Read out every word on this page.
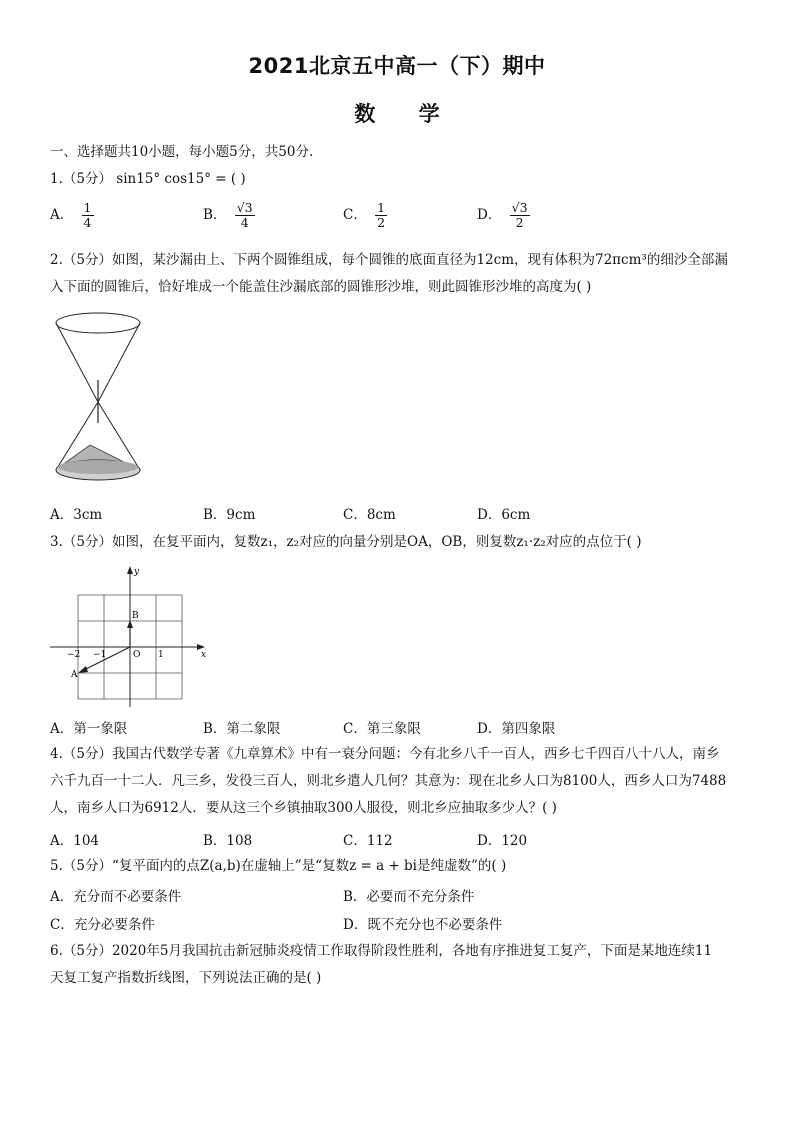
2021北京五中高一（下）期中
数 学
一、选择题共10小题，每小题5分，共50分.
1.（5分） sin15° cos15° = ( )
A． $\frac{1}{4}$	B． $\frac{√3}{4}$	C． $\frac{1}{2}$	D． $\frac{√3}{2}$
2.（5分）如图，某沙漏由上、下两个圆锥组成，每个圆锥的底面直径为12cm，现有体积为72πcm³的细沙全部漏
入下面的圆锥后，恰好堆成一个能盖住沙漏底部的圆锥形沙堆，则此圆锥形沙堆的高度为( )
A．3cm	B．9cm	C．8cm	D．6cm
3.（5分）如图，在复平面内，复数z₁，z₂对应的向量分别是OA，OB，则复数z₁·z₂对应的点位于( )
y
x
B
A
O
−2 −1	1
A．第一象限	B．第二象限	C．第三象限	D．第四象限
4.（5分）我国古代数学专著《九章算术》中有一衰分问题：今有北乡八千一百人，西乡七千四百八十八人，南乡
六千九百一十二人．凡三乡，发役三百人，则北乡遣人几何？其意为：现在北乡人口为8100人，西乡人口为7488
人，南乡人口为6912人．要从这三个乡镇抽取300人服役，则北乡应抽取多少人？( )
A．104	B．108	C．112	D．120
5.（5分）“复平面内的点Z(a,b)在虚轴上”是“复数z = a + bi是纯虚数”的( )
A．充分而不必要条件	B．必要而不充分条件
C．充分必要条件	D．既不充分也不必要条件
6.（5分）2020年5月我国抗击新冠肺炎疫情工作取得阶段性胜利，各地有序推进复工复产，下面是某地连续11
天复工复产指数折线图，下列说法正确的是( )
